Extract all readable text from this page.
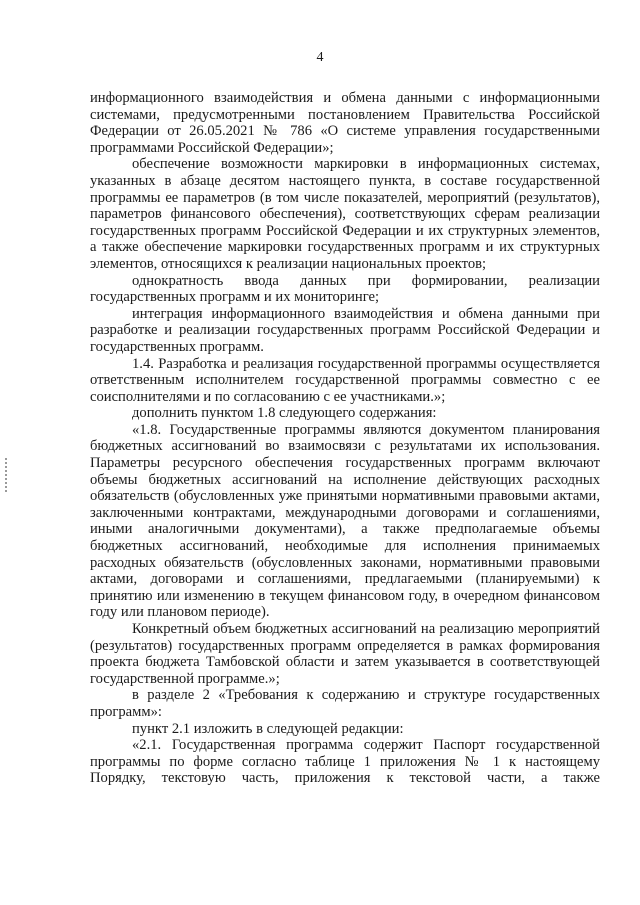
4

информационного взаимодействия и обмена данными с информационными системами, предусмотренными постановлением Правительства Российской Федерации от 26.05.2021 № 786 «О системе управления государственными программами Российской Федерации»;

обеспечение возможности маркировки в информационных системах, указанных в абзаце десятом настоящего пункта, в составе государственной программы ее параметров (в том числе показателей, мероприятий (результатов), параметров финансового обеспечения), соответствующих сферам реализации государственных программ Российской Федерации и их структурных элементов, а также обеспечение маркировки государственных программ и их структурных элементов, относящихся к реализации национальных проектов;

однократность ввода данных при формировании, реализации государственных программ и их мониторинге;

интеграция информационного взаимодействия и обмена данными при разработке и реализации государственных программ Российской Федерации и государственных программ.

1.4. Разработка и реализация государственной программы осуществляется ответственным исполнителем государственной программы совместно с ее соисполнителями и по согласованию с ее участниками.»;

дополнить пунктом 1.8 следующего содержания:

«1.8. Государственные программы являются документом планирования бюджетных ассигнований во взаимосвязи с результатами их использования. Параметры ресурсного обеспечения государственных программ включают объемы бюджетных ассигнований на исполнение действующих расходных обязательств (обусловленных уже принятыми нормативными правовыми актами, заключенными контрактами, международными договорами и соглашениями, иными аналогичными документами), а также предполагаемые объемы бюджетных ассигнований, необходимые для исполнения принимаемых расходных обязательств (обусловленных законами, нормативными правовыми актами, договорами и соглашениями, предлагаемыми (планируемыми) к принятию или изменению в текущем финансовом году, в очередном финансовом году или плановом периоде).

Конкретный объем бюджетных ассигнований на реализацию мероприятий (результатов) государственных программ определяется в рамках формирования проекта бюджета Тамбовской области и затем указывается в соответствующей государственной программе.»;

в разделе 2 «Требования к содержанию и структуре государственных программ»:

пункт 2.1 изложить в следующей редакции:

«2.1. Государственная программа содержит Паспорт государственной программы по форме согласно таблице 1 приложения № 1 к настоящему Порядку, текстовую часть, приложения к текстовой части, а также
